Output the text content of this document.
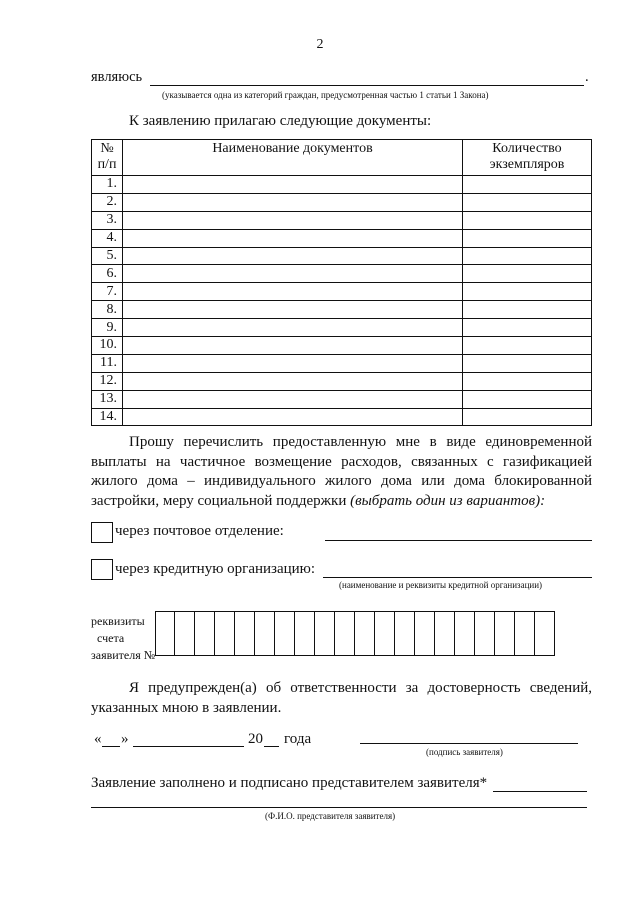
2
являюсь	.
(указывается одна из категорий граждан, предусмотренная частью 1 статьи 1 Закона)
К заявлению прилагаю следующие документы:
№ п/п	Наименование документов	Количество экземпляров
1.		
2.		
3.		
4.		
5.		
6.		
7.		
8.		
9.		
10.		
11.		
12.		
13.		
14.		
Прошу перечислить предоставленную мне в виде единовременной выплаты на частичное возмещение расходов, связанных с газификацией жилого дома – индивидуального жилого дома или дома блокированной застройки, меру социальной поддержки (выбрать один из вариантов):
через почтовое отделение:
через кредитную организацию:
(наименование и реквизиты кредитной организации)
реквизиты
счета
заявителя №
Я предупрежден(а) об ответственности за достоверность сведений, указанных мною в заявлении.
« »	20 года
(подпись заявителя)
Заявление заполнено и подписано представителем заявителя*
(Ф.И.О. представителя заявителя)
